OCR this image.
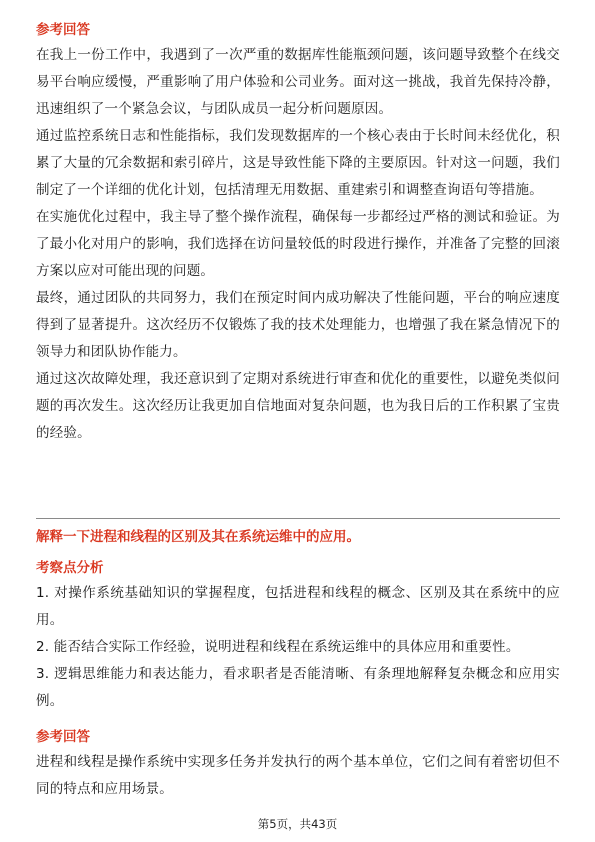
参考回答

在我上一份工作中，我遇到了一次严重的数据库性能瓶颈问题，该问题导致整个在线交易平台响应缓慢，严重影响了用户体验和公司业务。面对这一挑战，我首先保持冷静，迅速组织了一个紧急会议，与团队成员一起分析问题原因。

通过监控系统日志和性能指标，我们发现数据库的一个核心表由于长时间未经优化，积累了大量的冗余数据和索引碎片，这是导致性能下降的主要原因。针对这一问题，我们制定了一个详细的优化计划，包括清理无用数据、重建索引和调整查询语句等措施。

在实施优化过程中，我主导了整个操作流程，确保每一步都经过严格的测试和验证。为了最小化对用户的影响，我们选择在访问量较低的时段进行操作，并准备了完整的回滚方案以应对可能出现的问题。

最终，通过团队的共同努力，我们在预定时间内成功解决了性能问题，平台的响应速度得到了显著提升。这次经历不仅锻炼了我的技术处理能力，也增强了我在紧急情况下的领导力和团队协作能力。

通过这次故障处理，我还意识到了定期对系统进行审查和优化的重要性，以避免类似问题的再次发生。这次经历让我更加自信地面对复杂问题，也为我日后的工作积累了宝贵的经验。

解释一下进程和线程的区别及其在系统运维中的应用。
考察点分析

1. 对操作系统基础知识的掌握程度，包括进程和线程的概念、区别及其在系统中的应用。

2. 能否结合实际工作经验，说明进程和线程在系统运维中的具体应用和重要性。

3. 逻辑思维能力和表达能力，看求职者是否能清晰、有条理地解释复杂概念和应用实例。

参考回答

进程和线程是操作系统中实现多任务并发执行的两个基本单位，它们之间有着密切但不同的特点和应用场景。

第5页，共43页
